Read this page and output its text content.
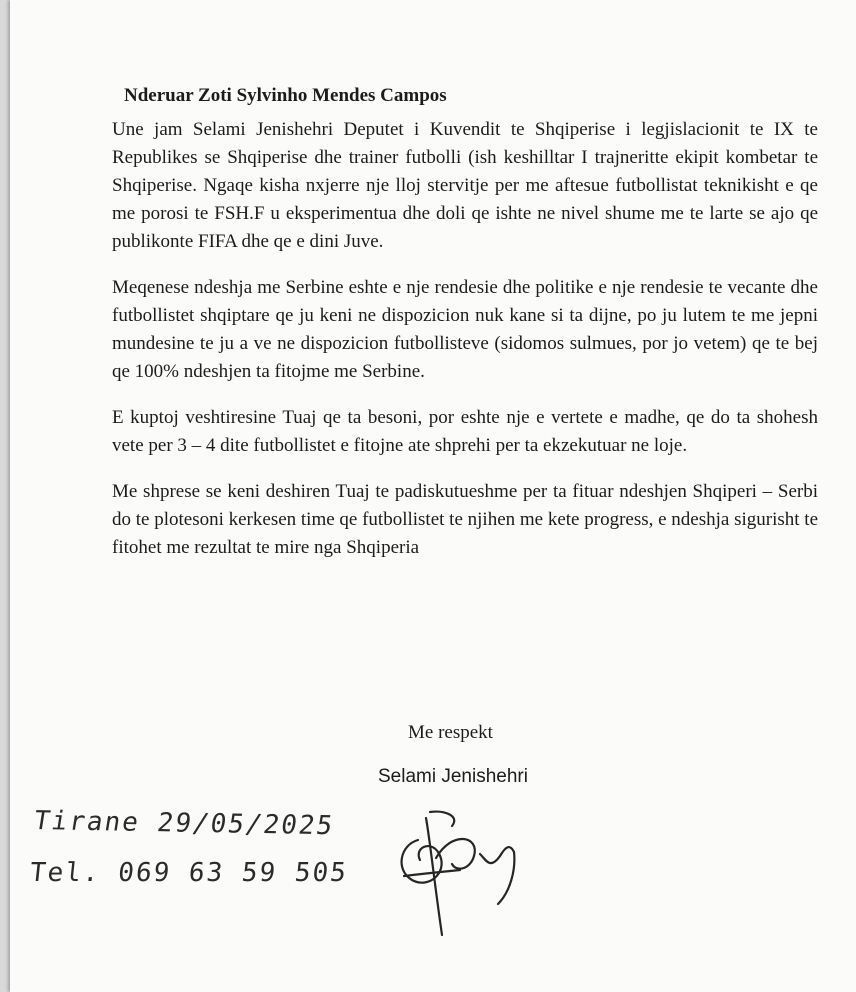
Nderuar Zoti Sylvinho Mendes Campos

Une jam Selami Jenishehri Deputet i Kuvendit te Shqiperise i legjislacionit te IX te Republikes se Shqiperise dhe trainer futbolli (ish keshilltar I trajneritte ekipit kombetar te Shqiperise. Ngaqe kisha nxjerre nje lloj stervitje per me aftesue futbollistat teknikisht e qe me porosi te FSH.F u eksperimentua dhe doli qe ishte ne nivel shume me te larte se ajo qe publikonte FIFA dhe qe e dini Juve.

Meqenese ndeshja me Serbine eshte e nje rendesie dhe politike e nje rendesie te vecante dhe futbollistet shqiptare qe ju keni ne dispozicion nuk kane si ta dijne, po ju lutem te me jepni mundesine te ju a ve ne dispozicion futbollisteve (sidomos sulmues, por jo vetem) qe te bej qe 100% ndeshjen ta fitojme me Serbine.

E kuptoj veshtiresine Tuaj qe ta besoni, por eshte nje e vertete e madhe, qe do ta shohesh vete per 3 – 4 dite futbollistet e fitojne ate shprehi per ta ekzekutuar ne loje.

Me shprese se keni deshiren Tuaj te padiskutueshme per ta fituar ndeshjen Shqiperi – Serbi do te plotesoni kerkesen time qe futbollistet te njihen me kete progress, e ndeshja sigurisht te fitohet me rezultat te mire nga Shqiperia

Me respekt
Selami Jenishehri
Tirane 29/05/2025
Tel. 069 63 59 505
